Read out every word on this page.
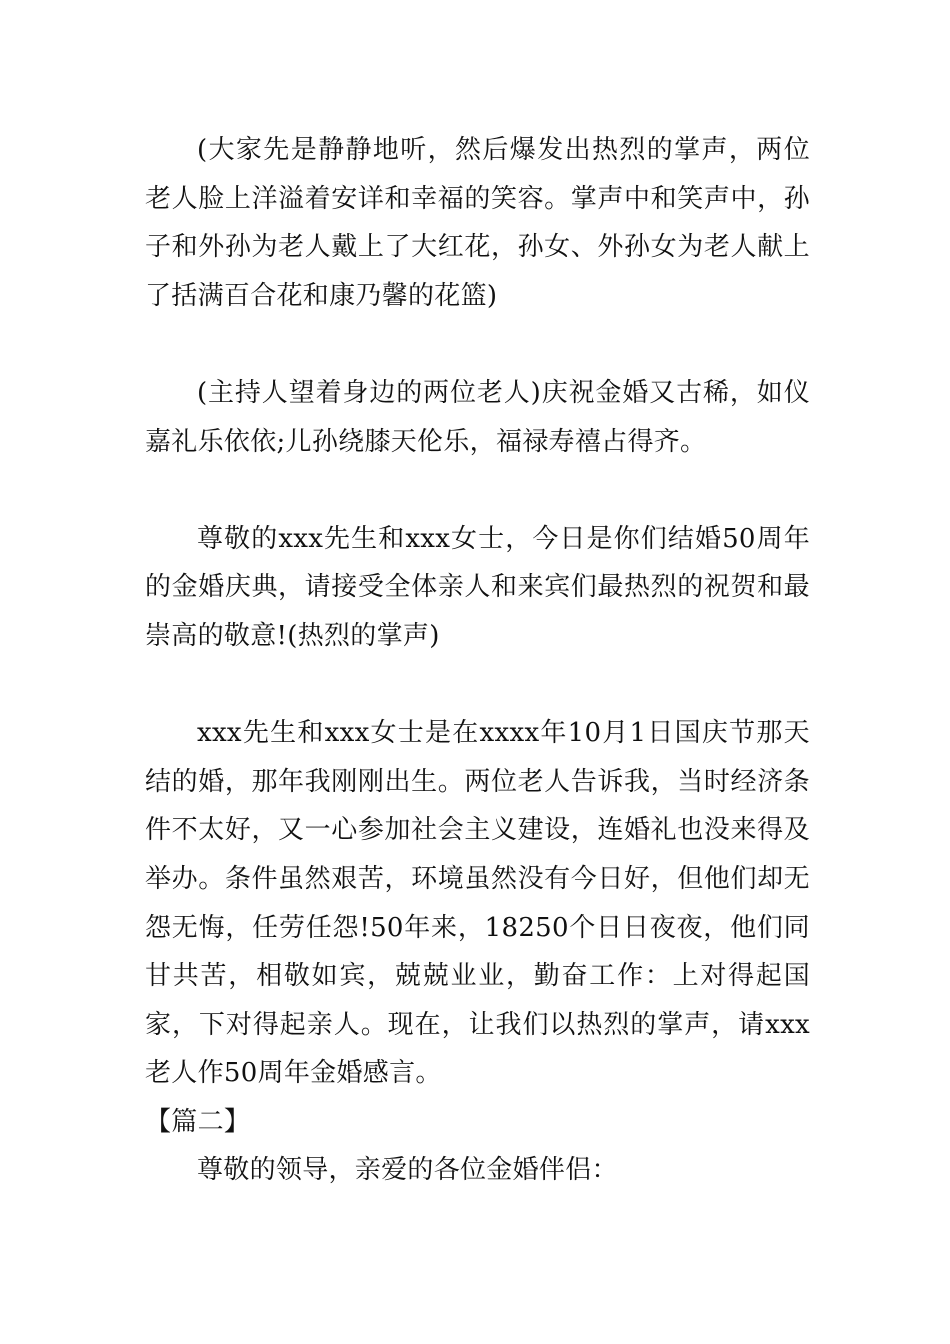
(大家先是静静地听，然后爆发出热烈的掌声，两位老人脸上洋溢着安详和幸福的笑容。掌声中和笑声中，孙子和外孙为老人戴上了大红花，孙女、外孙女为老人献上了括满百合花和康乃馨的花篮)

(主持人望着身边的两位老人)庆祝金婚又古稀，如仪嘉礼乐依依;儿孙绕膝天伦乐，福禄寿禧占得齐。

尊敬的xxx先生和xxx女士，今日是你们结婚50周年的金婚庆典，请接受全体亲人和来宾们最热烈的祝贺和最崇高的敬意!(热烈的掌声)

xxx先生和xxx女士是在xxxx年10月1日国庆节那天结的婚，那年我刚刚出生。两位老人告诉我，当时经济条件不太好，又一心参加社会主义建设，连婚礼也没来得及举办。条件虽然艰苦，环境虽然没有今日好，但他们却无怨无悔，任劳任怨!50年来，18250个日日夜夜，他们同甘共苦，相敬如宾，兢兢业业，勤奋工作：上对得起国家，下对得起亲人。现在，让我们以热烈的掌声，请xxx老人作50周年金婚感言。

【篇二】

尊敬的领导，亲爱的各位金婚伴侣：
